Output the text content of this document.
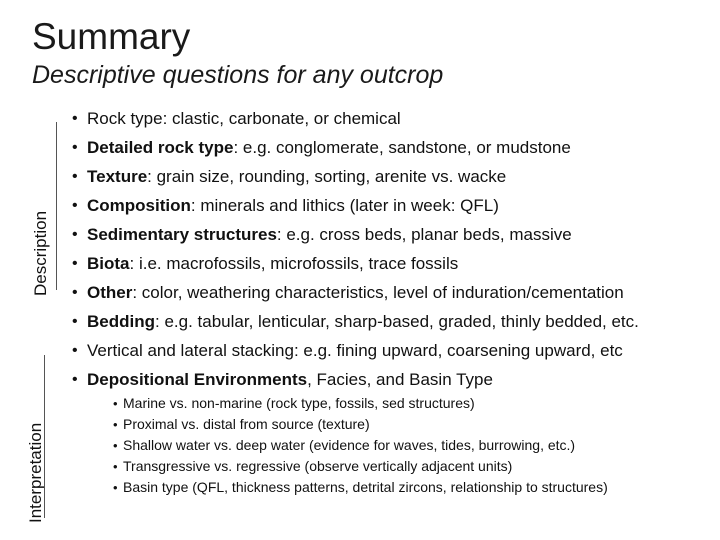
Summary
Descriptive questions for any outcrop
Description
Interpretation
• Rock type: clastic, carbonate, or chemical
• Detailed rock type: e.g. conglomerate, sandstone, or mudstone
• Texture: grain size, rounding, sorting, arenite vs. wacke
• Composition: minerals and lithics (later in week: QFL)
• Sedimentary structures: e.g. cross beds, planar beds, massive
• Biota: i.e. macrofossils, microfossils, trace fossils
• Other: color, weathering characteristics, level of induration/cementation
• Bedding: e.g. tabular, lenticular, sharp-based, graded, thinly bedded, etc.
• Vertical and lateral stacking: e.g. fining upward, coarsening upward, etc
• Depositional Environments, Facies, and Basin Type
• Marine vs. non-marine (rock type, fossils, sed structures)
• Proximal vs. distal from source (texture)
• Shallow water vs. deep water (evidence for waves, tides, burrowing, etc.)
• Transgressive vs. regressive (observe vertically adjacent units)
• Basin type (QFL, thickness patterns, detrital zircons, relationship to structures)
